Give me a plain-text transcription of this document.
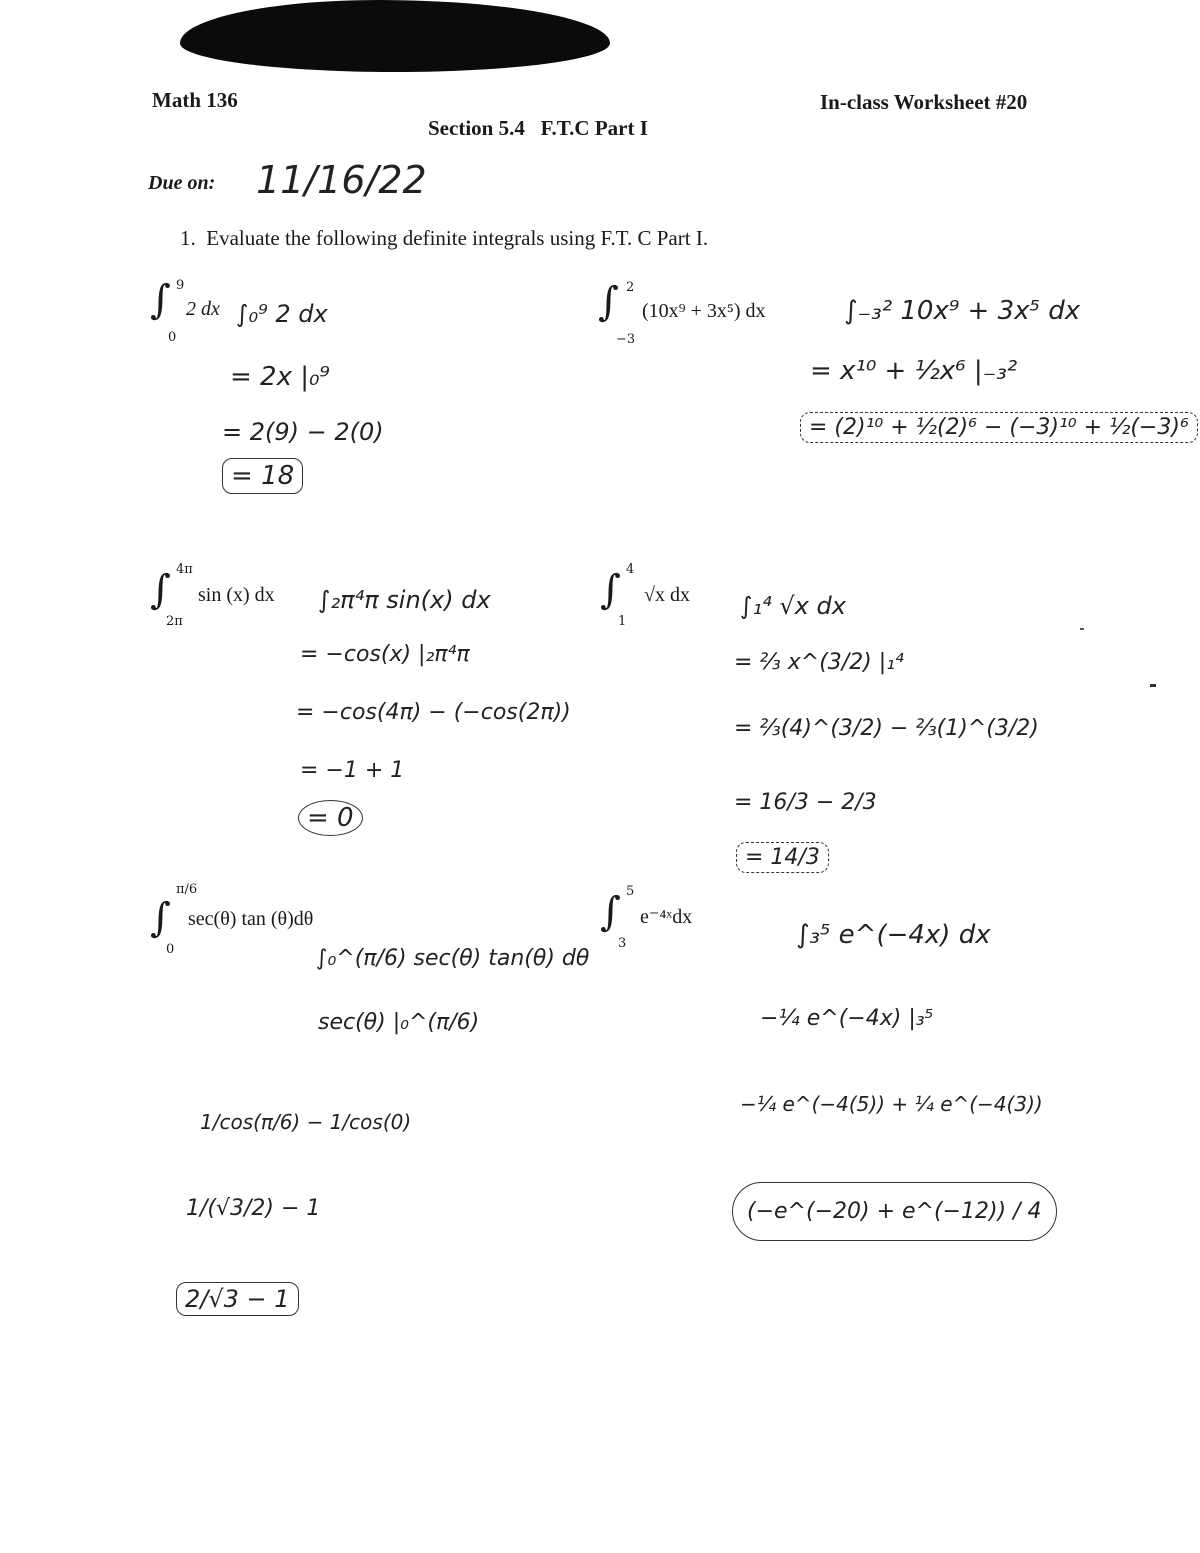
Math 136	In-class Worksheet #20
Section 5.4   F.T.C Part I
Due on: 11/16/22
1.  Evaluate the following definite integrals using F.T. C Part I.
∫ 9
0
2 dx ∫₀⁹ 2 dx
= 2x |₀⁹
= 2(9) − 2(0)
= 18
∫ 2
−3
(10x⁹ + 3x⁵) dx	∫₋₃² 10x⁹ + 3x⁵ dx
= x¹⁰ + ½x⁶ |₋₃²
= (2)¹⁰ + ½(2)⁶ − (−3)¹⁰ + ½(−3)⁶
∫ 4π
2π
sin (x) dx ∫₂π⁴π sin(x) dx
= −cos(x) |₂π⁴π
= −cos(4π) − (−cos(2π))
= −1 + 1
= 0
∫ 4
1
√x dx ∫₁⁴ √x dx
= ⅔ x^(3/2) |₁⁴
= ⅔(4)^(3/2) − ⅔(1)^(3/2)
= 16/3 − 2/3
= 14/3
∫
π/6
0
sec(θ) tan (θ)dθ
∫₀^(π/6) sec(θ) tan(θ) dθ
sec(θ) |₀^(π/6)
1/cos(π/6) − 1/cos(0)
1/(√3/2) − 1
2/√3 − 1
∫ 5
3
e⁻⁴ˣdx
∫₃⁵ e^(−4x) dx
−¼ e^(−4x) |₃⁵
−¼ e^(−4(5)) + ¼ e^(−4(3))
(−e^(−20) + e^(−12)) / 4
